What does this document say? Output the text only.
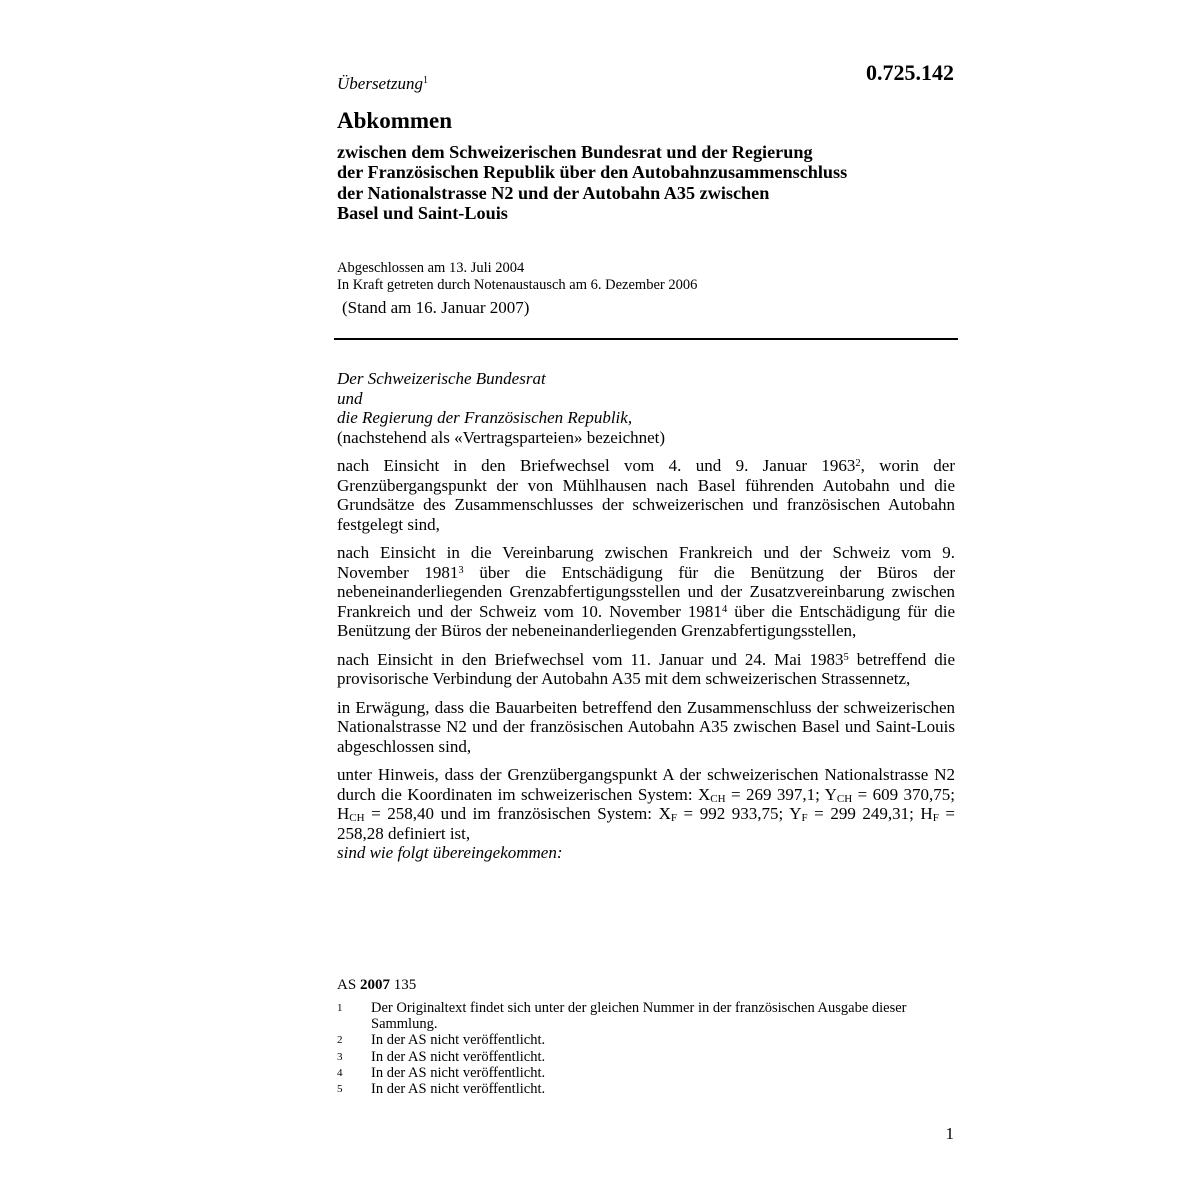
Übersetzung$^1$	0.725.142
Abkommen
zwischen dem Schweizerischen Bundesrat und der Regierung
der Französischen Republik über den Autobahnzusammenschluss
der Nationalstrasse N2 und der Autobahn A35 zwischen
Basel und Saint-Louis
Abgeschlossen am 13. Juli 2004
In Kraft getreten durch Notenaustausch am 6. Dezember 2006
(Stand am 16. Januar 2007)
Der Schweizerische Bundesrat
und
die Regierung der Französischen Republik,
(nachstehend als «Vertragsparteien» bezeichnet)
nach Einsicht in den Briefwechsel vom 4. und 9. Januar 1963$^2$, worin der Grenzübergangspunkt der von Mühlhausen nach Basel führenden Autobahn und die Grundsätze des Zusammenschlusses der schweizerischen und französischen Autobahn festgelegt sind,
nach Einsicht in die Vereinbarung zwischen Frankreich und der Schweiz vom 9. November 1981$^3$ über die Entschädigung für die Benützung der Büros der nebeneinanderliegenden Grenzabfertigungsstellen und der Zusatzvereinbarung zwischen Frankreich und der Schweiz vom 10. November 1981$^4$ über die Entschädigung für die Benützung der Büros der nebeneinanderliegenden Grenzabfertigungsstellen,
nach Einsicht in den Briefwechsel vom 11. Januar und 24. Mai 1983$^5$ betreffend die provisorische Verbindung der Autobahn A35 mit dem schweizerischen Strassennetz,
in Erwägung, dass die Bauarbeiten betreffend den Zusammenschluss der schweizerischen Nationalstrasse N2 und der französischen Autobahn A35 zwischen Basel und Saint-Louis abgeschlossen sind,
unter Hinweis, dass der Grenzübergangspunkt A der schweizerischen Nationalstrasse N2 durch die Koordinaten im schweizerischen System: $X_{CH} = 269$ 397,1; $Y_{CH} = 609$ 370,75; $H_{CH} = 258,40$ und im französischen System: $X_F = 992$ 933,75; $Y_F = 299$ 249,31; $H_F = 258,28$ definiert ist,
sind wie folgt übereingekommen:
AS 2007 135
1	Der Originaltext findet sich unter der gleichen Nummer in der französischen Ausgabe dieser Sammlung.
2	In der AS nicht veröffentlicht.
3	In der AS nicht veröffentlicht.
4	In der AS nicht veröffentlicht.
5	In der AS nicht veröffentlicht.
1
